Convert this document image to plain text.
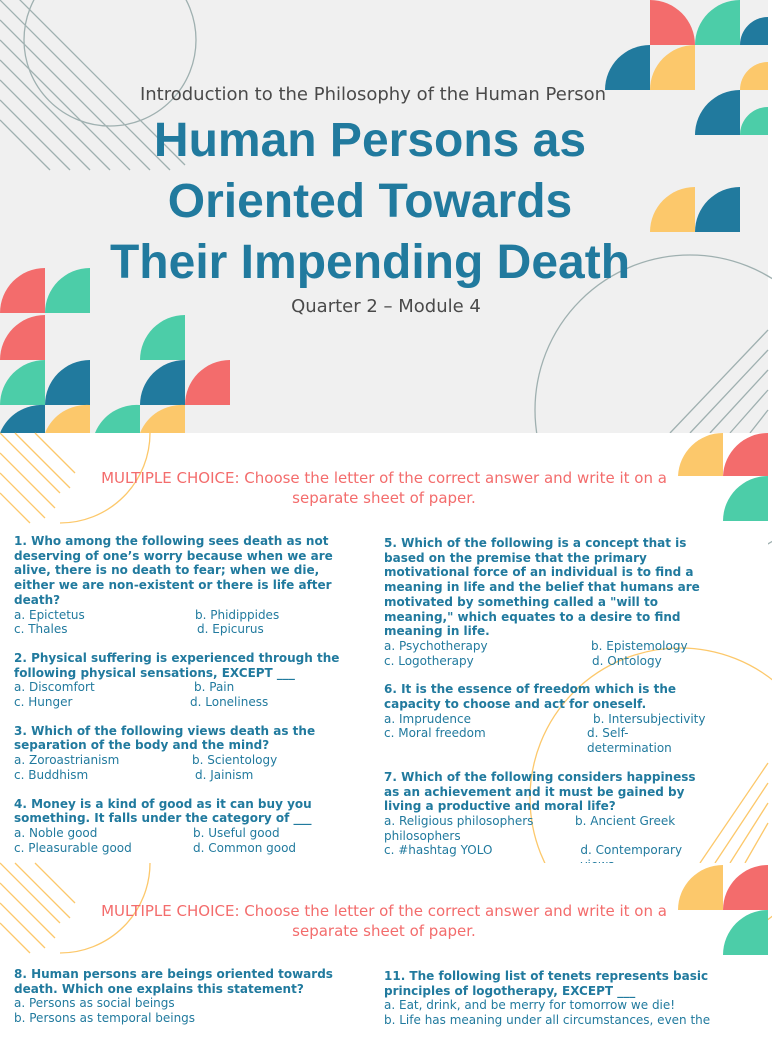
Introduction to the Philosophy of the Human Person
Human Persons as
Oriented Towards
Their Impending Death
Quarter 2 – Module 4
MULTIPLE CHOICE: Choose the letter of the correct answer and write it on a separate sheet of paper.
1. Who among the following sees death as not deserving of one’s worry because when we are alive, there is no death to fear; when we die, either we are non-existent or there is life after death?
a. Epictetus	b. Phidippides
c. Thales	d. Epicurus
2. Physical suffering is experienced through the following physical sensations, EXCEPT ___
a. Discomfort	b. Pain
c. Hunger	d. Loneliness
3. Which of the following views death as the separation of the body and the mind?
a. Zoroastrianism	b. Scientology
c. Buddhism	d. Jainism
4. Money is a kind of good as it can buy you something. It falls under the category of ___
a. Noble good	b. Useful good
c. Pleasurable good	d. Common good
5. Which of the following is a concept that is based on the premise that the primary motivational force of an individual is to find a meaning in life and the belief that humans are motivated by something called a "will to meaning," which equates to a desire to find meaning in life.
a. Psychotherapy	b. Epistemology
c. Logotherapy	d. Ontology
6. It is the essence of freedom which is the capacity to choose and act for oneself.
a. Imprudence	b. Intersubjectivity
c. Moral freedom	d. Self-determination
7. Which of the following considers happiness as an achievement and it must be gained by living a productive and moral life?
a. Religious philosophers	b. Ancient Greek philosophers
c. #hashtag YOLO	d. Contemporary
MULTIPLE CHOICE: Choose the letter of the correct answer and write it on a separate sheet of paper.
8. Human persons are beings oriented towards death. Which one explains this statement?
a. Persons as social beings
b. Persons as temporal beings
11. The following list of tenets represents basic principles of logotherapy, EXCEPT ___
a. Eat, drink, and be merry for tomorrow we die!
b. Life has meaning under all circumstances, even the
